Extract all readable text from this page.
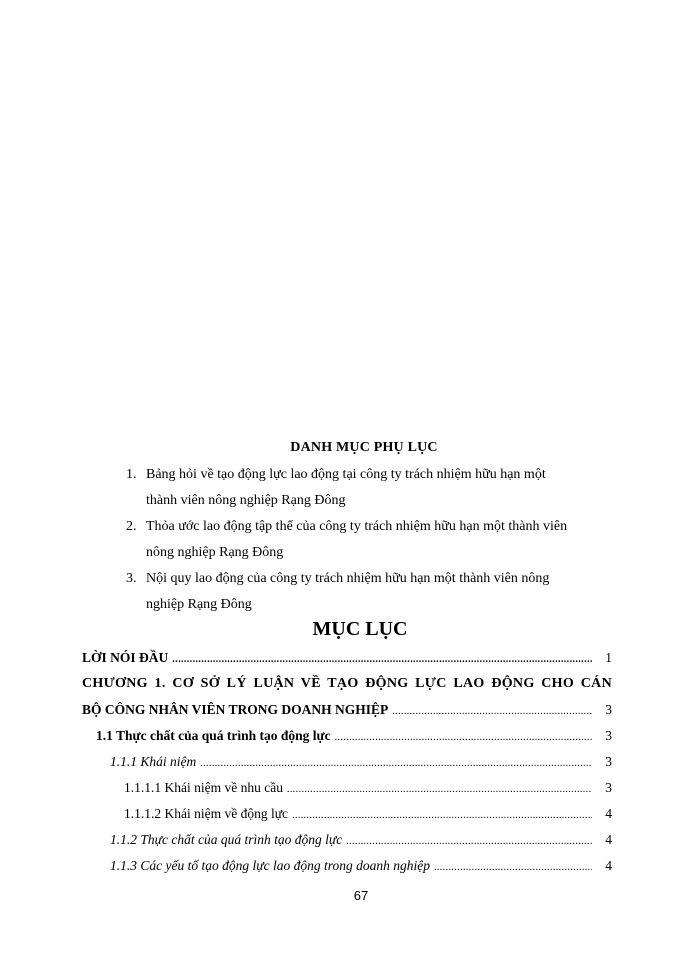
DANH MỤC PHỤ LỤC
1. Bảng hỏi về tạo động lực lao động tại công ty trách nhiệm hữu hạn một
thành viên nông nghiệp Rạng Đông
2. Thỏa ước lao động tập thể của công ty trách nhiệm hữu hạn một thành viên
nông nghiệp Rạng Đông
3. Nội quy lao động của công ty trách nhiệm hữu hạn một thành viên nông
nghiệp Rạng Đông
MỤC LỤC
LỜI NÓI ĐẦU .....	1
CHƯƠNG 1. CƠ SỞ LÝ LUẬN VỀ TẠO ĐỘNG LỰC LAO ĐỘNG CHO CÁN
BỘ CÔNG NHÂN VIÊN TRONG DOANH NGHIỆP .....	3
1.1 Thực chất của quá trình tạo động lực .....	3
1.1.1 Khái niệm .....	3
1.1.1.1 Khái niệm về nhu cầu .....	3
1.1.1.2 Khái niệm về động lực .....	4
1.1.2 Thực chất của quá trình tạo động lực .....	4
1.1.3 Các yếu tố tạo động lực lao động trong doanh nghiệp .....	4
67
